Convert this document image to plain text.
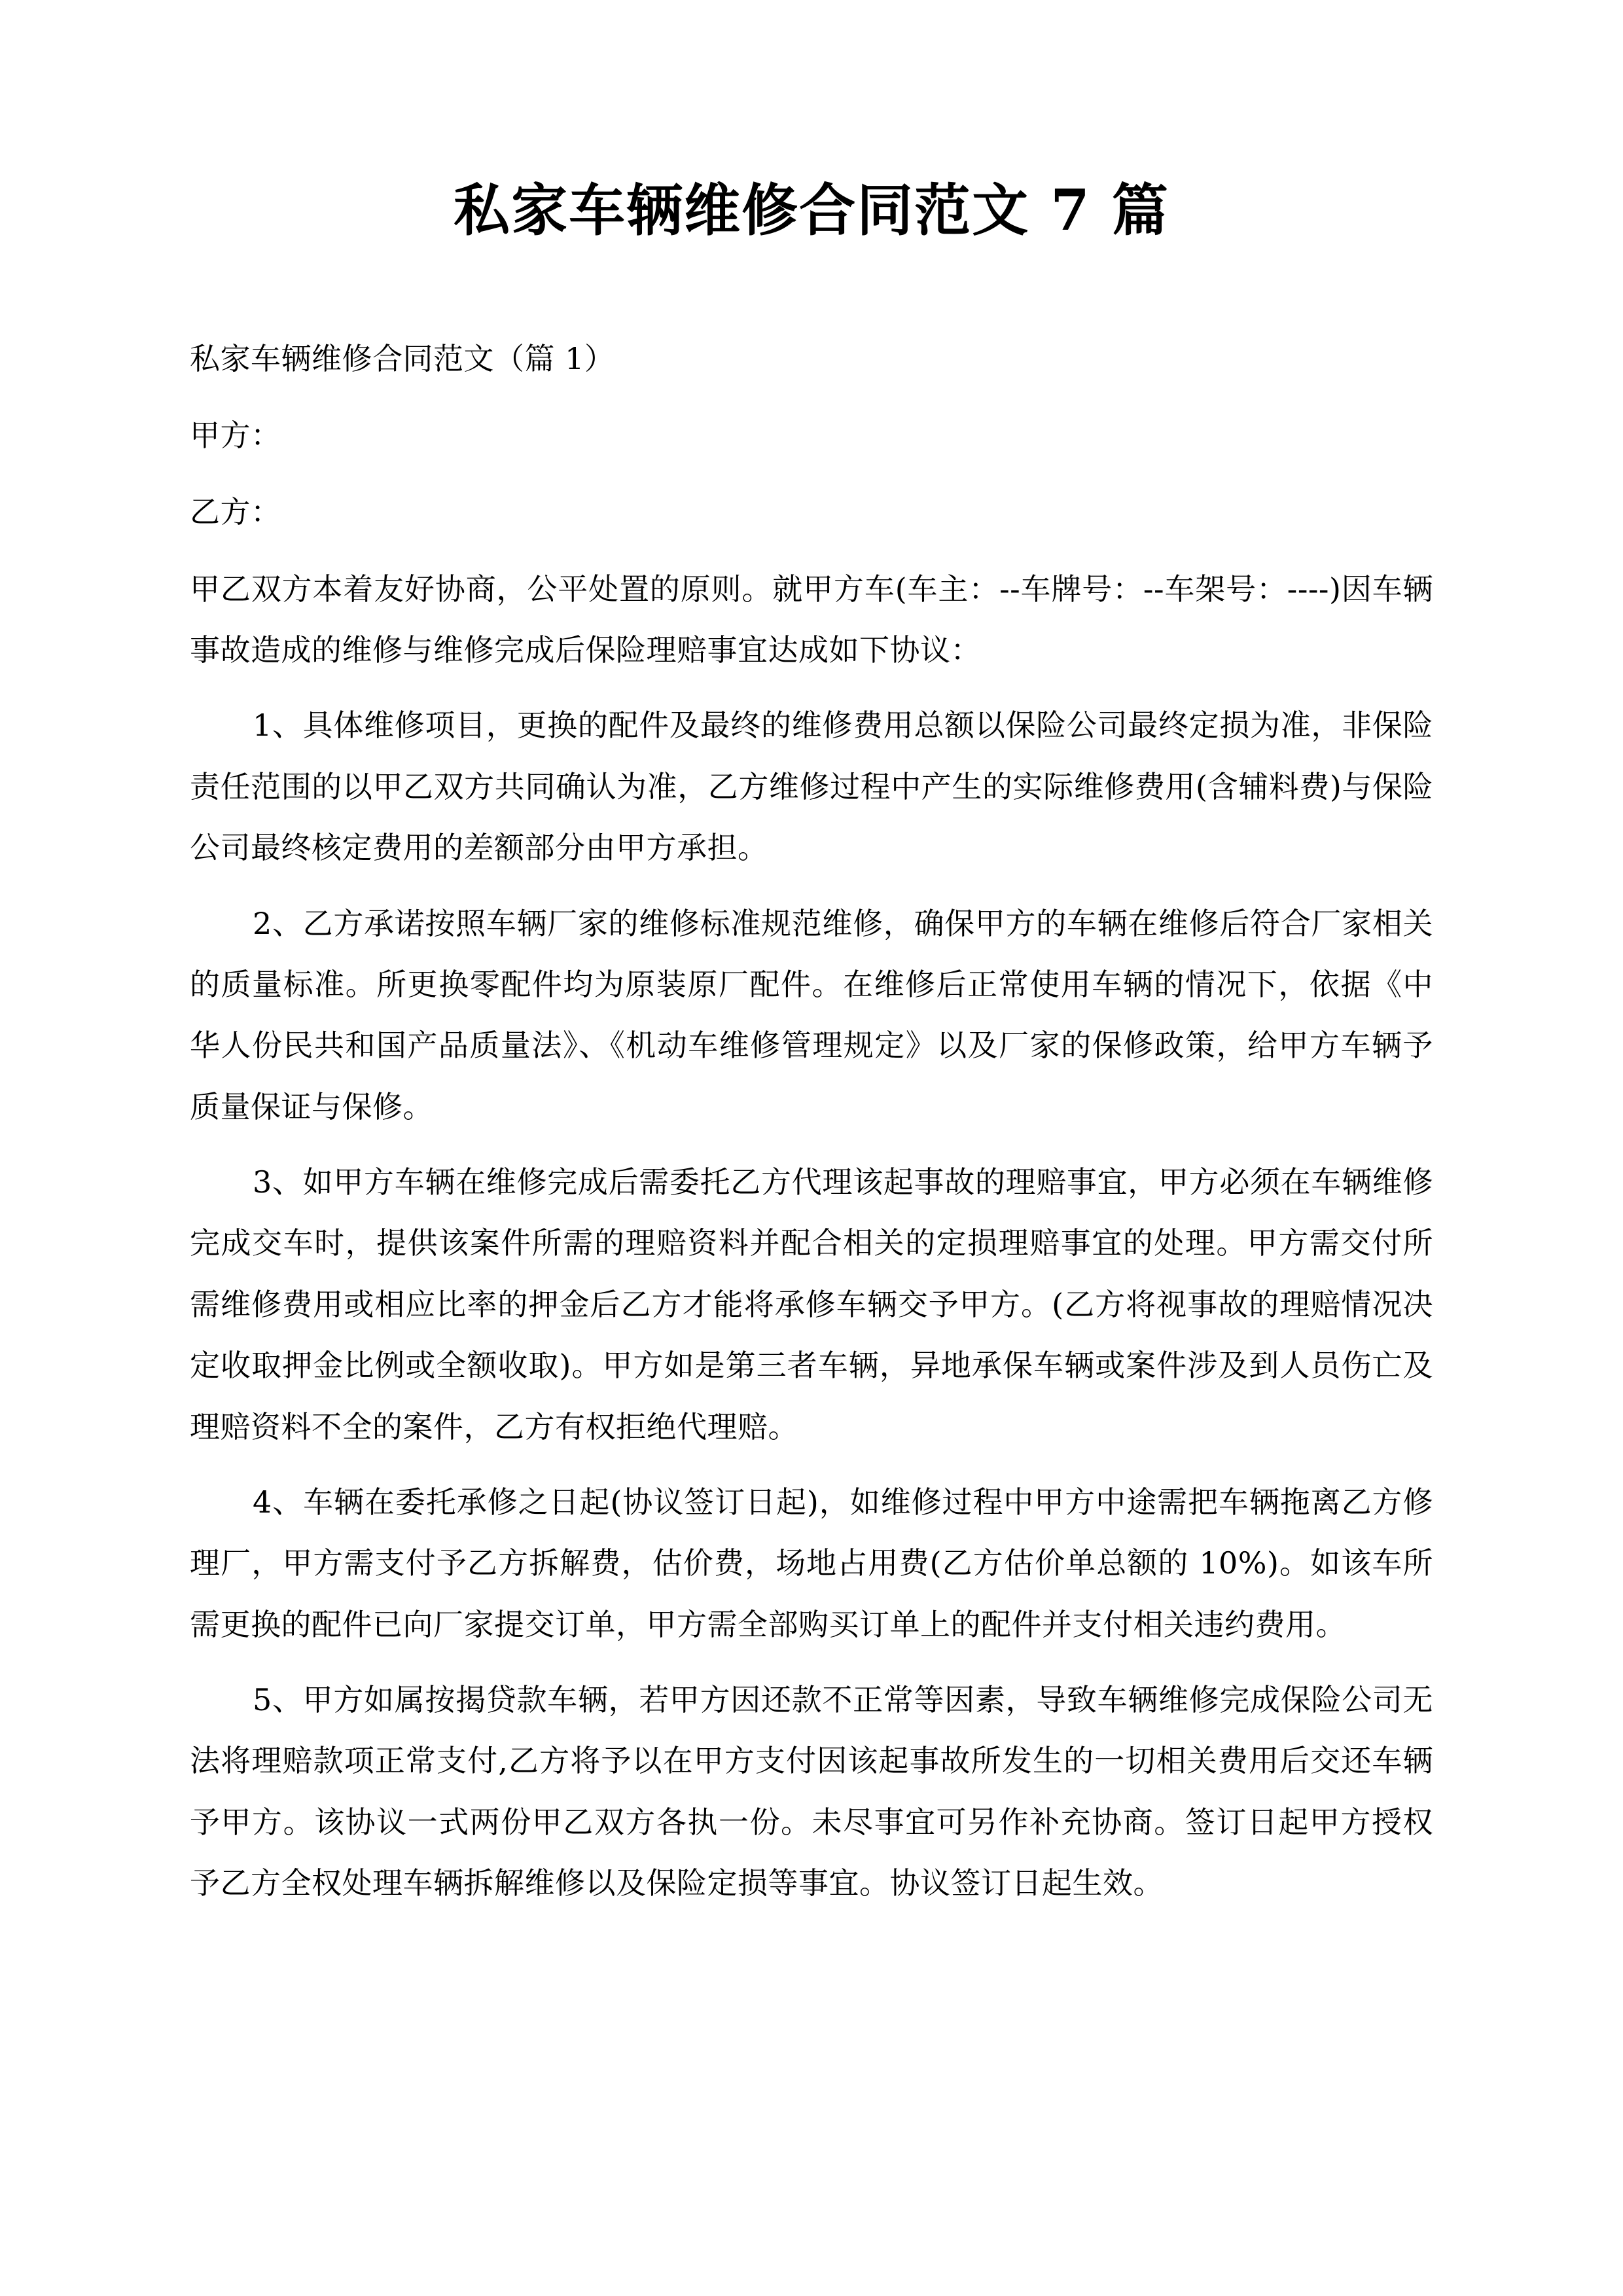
私家车辆维修合同范文 7 篇

私家车辆维修合同范文（篇 1）

甲方：

乙方：

甲乙双方本着友好协商，公平处置的原则。就甲方车(车主：--车牌号：--车架号：----)因车辆事故造成的维修与维修完成后保险理赔事宜达成如下协议：

1、具体维修项目，更换的配件及最终的维修费用总额以保险公司最终定损为准，非保险责任范围的以甲乙双方共同确认为准，乙方维修过程中产生的实际维修费用(含辅料费)与保险公司最终核定费用的差额部分由甲方承担。

2、乙方承诺按照车辆厂家的维修标准规范维修，确保甲方的车辆在维修后符合厂家相关的质量标准。所更换零配件均为原装原厂配件。在维修后正常使用车辆的情况下，依据《中华人份民共和国产品质量法》、《机动车维修管理规定》以及厂家的保修政策，给甲方车辆予质量保证与保修。

3、如甲方车辆在维修完成后需委托乙方代理该起事故的理赔事宜，甲方必须在车辆维修完成交车时，提供该案件所需的理赔资料并配合相关的定损理赔事宜的处理。甲方需交付所需维修费用或相应比率的押金后乙方才能将承修车辆交予甲方。(乙方将视事故的理赔情况决定收取押金比例或全额收取)。甲方如是第三者车辆，异地承保车辆或案件涉及到人员伤亡及理赔资料不全的案件，乙方有权拒绝代理赔。

4、车辆在委托承修之日起(协议签订日起)，如维修过程中甲方中途需把车辆拖离乙方修理厂，甲方需支付予乙方拆解费，估价费，场地占用费(乙方估价单总额的 10%)。如该车所需更换的配件已向厂家提交订单，甲方需全部购买订单上的配件并支付相关违约费用。

5、甲方如属按揭贷款车辆，若甲方因还款不正常等因素，导致车辆维修完成保险公司无法将理赔款项正常支付,乙方将予以在甲方支付因该起事故所发生的一切相关费用后交还车辆予甲方。该协议一式两份甲乙双方各执一份。未尽事宜可另作补充协商。签订日起甲方授权予乙方全权处理车辆拆解维修以及保险定损等事宜。协议签订日起生效。
